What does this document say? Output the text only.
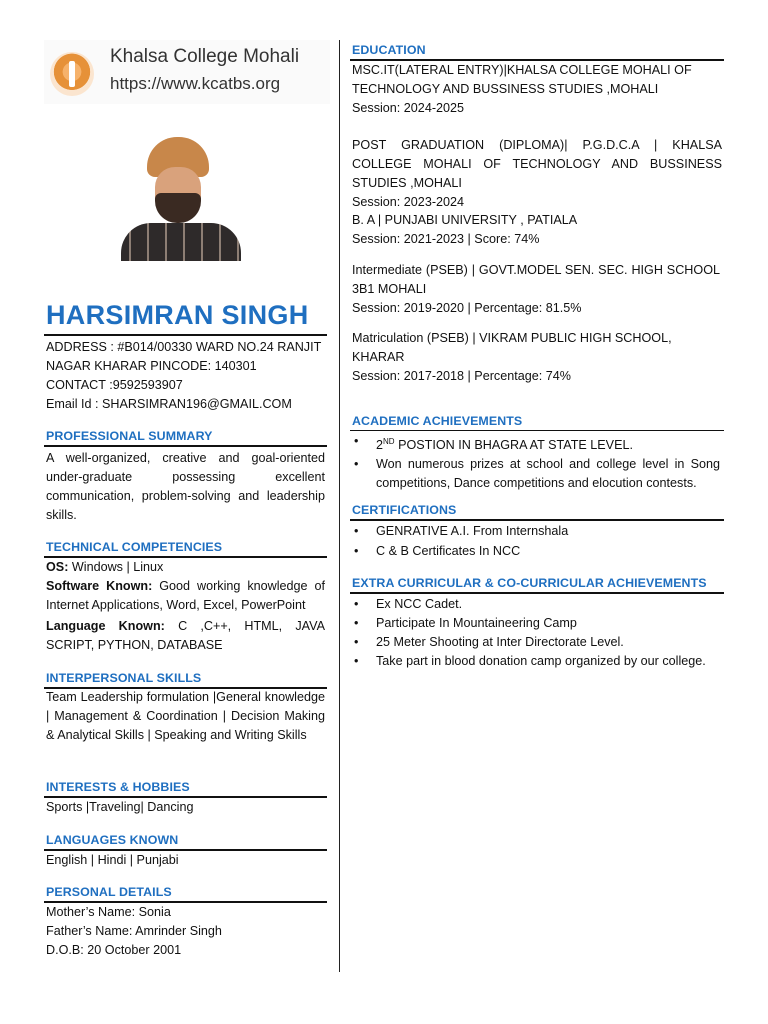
Khalsa College Mohali
https://www.kcatbs.org
HARSIMRAN SINGH
ADDRESS : #B014/00330 WARD NO.24 RANJIT
NAGAR KHARAR PINCODE: 140301
CONTACT :9592593907
Email Id : SHARSIMRAN196@GMAIL.COM
PROFESSIONAL SUMMARY
A well-organized, creative and goal-oriented under-graduate possessing excellent communication, problem-solving and leadership skills.
TECHNICAL COMPETENCIES
OS: Windows | Linux
Software Known: Good working knowledge of Internet Applications, Word, Excel, PowerPoint
Language Known: C ,C++, HTML, JAVA SCRIPT, PYTHON, DATABASE
INTERPERSONAL SKILLS
Team Leadership formulation |General knowledge | Management & Coordination | Decision Making & Analytical Skills | Speaking and Writing Skills
INTERESTS & HOBBIES
Sports |Traveling| Dancing
LANGUAGES KNOWN
English | Hindi | Punjabi
PERSONAL DETAILS
Mother’s Name: Sonia
Father’s Name: Amrinder Singh
D.O.B: 20 October 2001
EDUCATION
MSC.IT(LATERAL ENTRY)|KHALSA COLLEGE MOHALI OF TECHNOLOGY AND BUSSINESS STUDIES ,MOHALI
Session: 2024-2025
POST GRADUATION (DIPLOMA)| P.G.D.C.A | KHALSA COLLEGE MOHALI OF TECHNOLOGY AND BUSSINESS STUDIES ,MOHALI
Session: 2023-2024
B. A | PUNJABI UNIVERSITY , PATIALA
Session: 2021-2023 | Score: 74%
Intermediate (PSEB) | GOVT.MODEL SEN. SEC. HIGH SCHOOL 3B1 MOHALI
Session: 2019-2020 | Percentage: 81.5%
Matriculation (PSEB) | VIKRAM PUBLIC HIGH SCHOOL, KHARAR
Session: 2017-2018 | Percentage: 74%
ACADEMIC ACHIEVEMENTS
• 2ND POSTION IN BHAGRA AT STATE LEVEL.
• Won numerous prizes at school and college level in Song competitions, Dance competitions and elocution contests.
CERTIFICATIONS
• GENRATIVE A.I. From Internshala
• C & B Certificates In NCC
EXTRA CURRICULAR & CO-CURRICULAR ACHIEVEMENTS
• Ex NCC Cadet.
• Participate In Mountaineering Camp
• 25 Meter Shooting at Inter Directorate Level.
• Take part in blood donation camp organized by our college.
